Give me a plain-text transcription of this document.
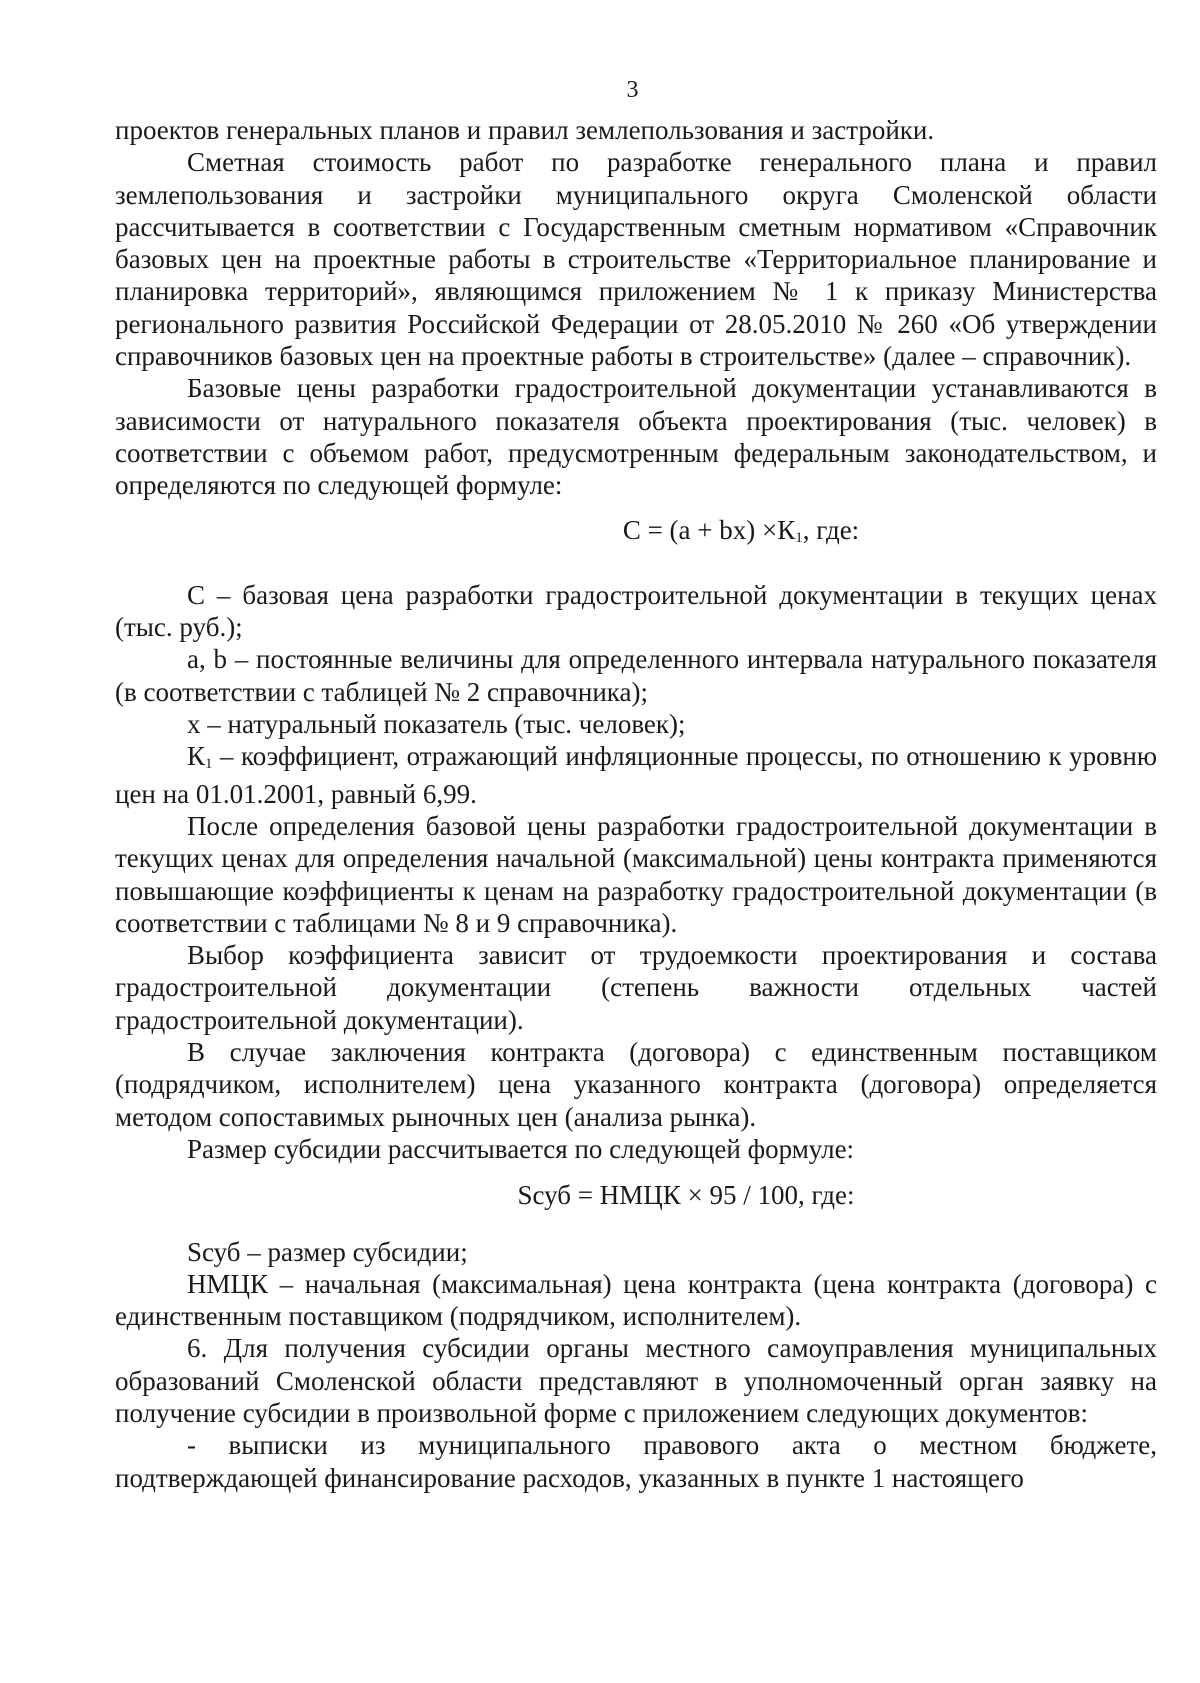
3

проектов генеральных планов и правил землепользования и застройки.

Сметная стоимость работ по разработке генерального плана и правил землепользования и застройки муниципального округа Смоленской области рассчитывается в соответствии с Государственным сметным нормативом «Справочник базовых цен на проектные работы в строительстве «Территориальное планирование и планировка территорий», являющимся приложением № 1 к приказу Министерства регионального развития Российской Федерации от 28.05.2010 № 260 «Об утверждении справочников базовых цен на проектные работы в строительстве» (далее – справочник).

Базовые цены разработки градостроительной документации устанавливаются в зависимости от натурального показателя объекта проектирования (тыс. человек) в соответствии с объемом работ, предусмотренным федеральным законодательством, и определяются по следующей формуле:

$С = (а + bх) \times К_1$, где:

С – базовая цена разработки градостроительной документации в текущих ценах (тыс. руб.);

а, b – постоянные величины для определенного интервала натурального показателя (в соответствии с таблицей № 2 справочника);

х – натуральный показатель (тыс. человек);

$К_1$ – коэффициент, отражающий инфляционные процессы, по отношению к уровню цен на 01.01.2001, равный 6,99.

После определения базовой цены разработки градостроительной документации в текущих ценах для определения начальной (максимальной) цены контракта применяются повышающие коэффициенты к ценам на разработку градостроительной документации (в соответствии с таблицами № 8 и 9 справочника).

Выбор коэффициента зависит от трудоемкости проектирования и состава градостроительной документации (степень важности отдельных частей градостроительной документации).

В случае заключения контракта (договора) с единственным поставщиком (подрядчиком, исполнителем) цена указанного контракта (договора) определяется методом сопоставимых рыночных цен (анализа рынка).

Размер субсидии рассчитывается по следующей формуле:

Sсуб = НМЦК × 95 / 100, где:

Sсуб – размер субсидии;

НМЦК – начальная (максимальная) цена контракта (цена контракта (договора) с единственным поставщиком (подрядчиком, исполнителем).

6. Для получения субсидии органы местного самоуправления муниципальных образований Смоленской области представляют в уполномоченный орган заявку на получение субсидии в произвольной форме с приложением следующих документов:

- выписки из муниципального правового акта о местном бюджете, подтверждающей финансирование расходов, указанных в пункте 1 настоящего
